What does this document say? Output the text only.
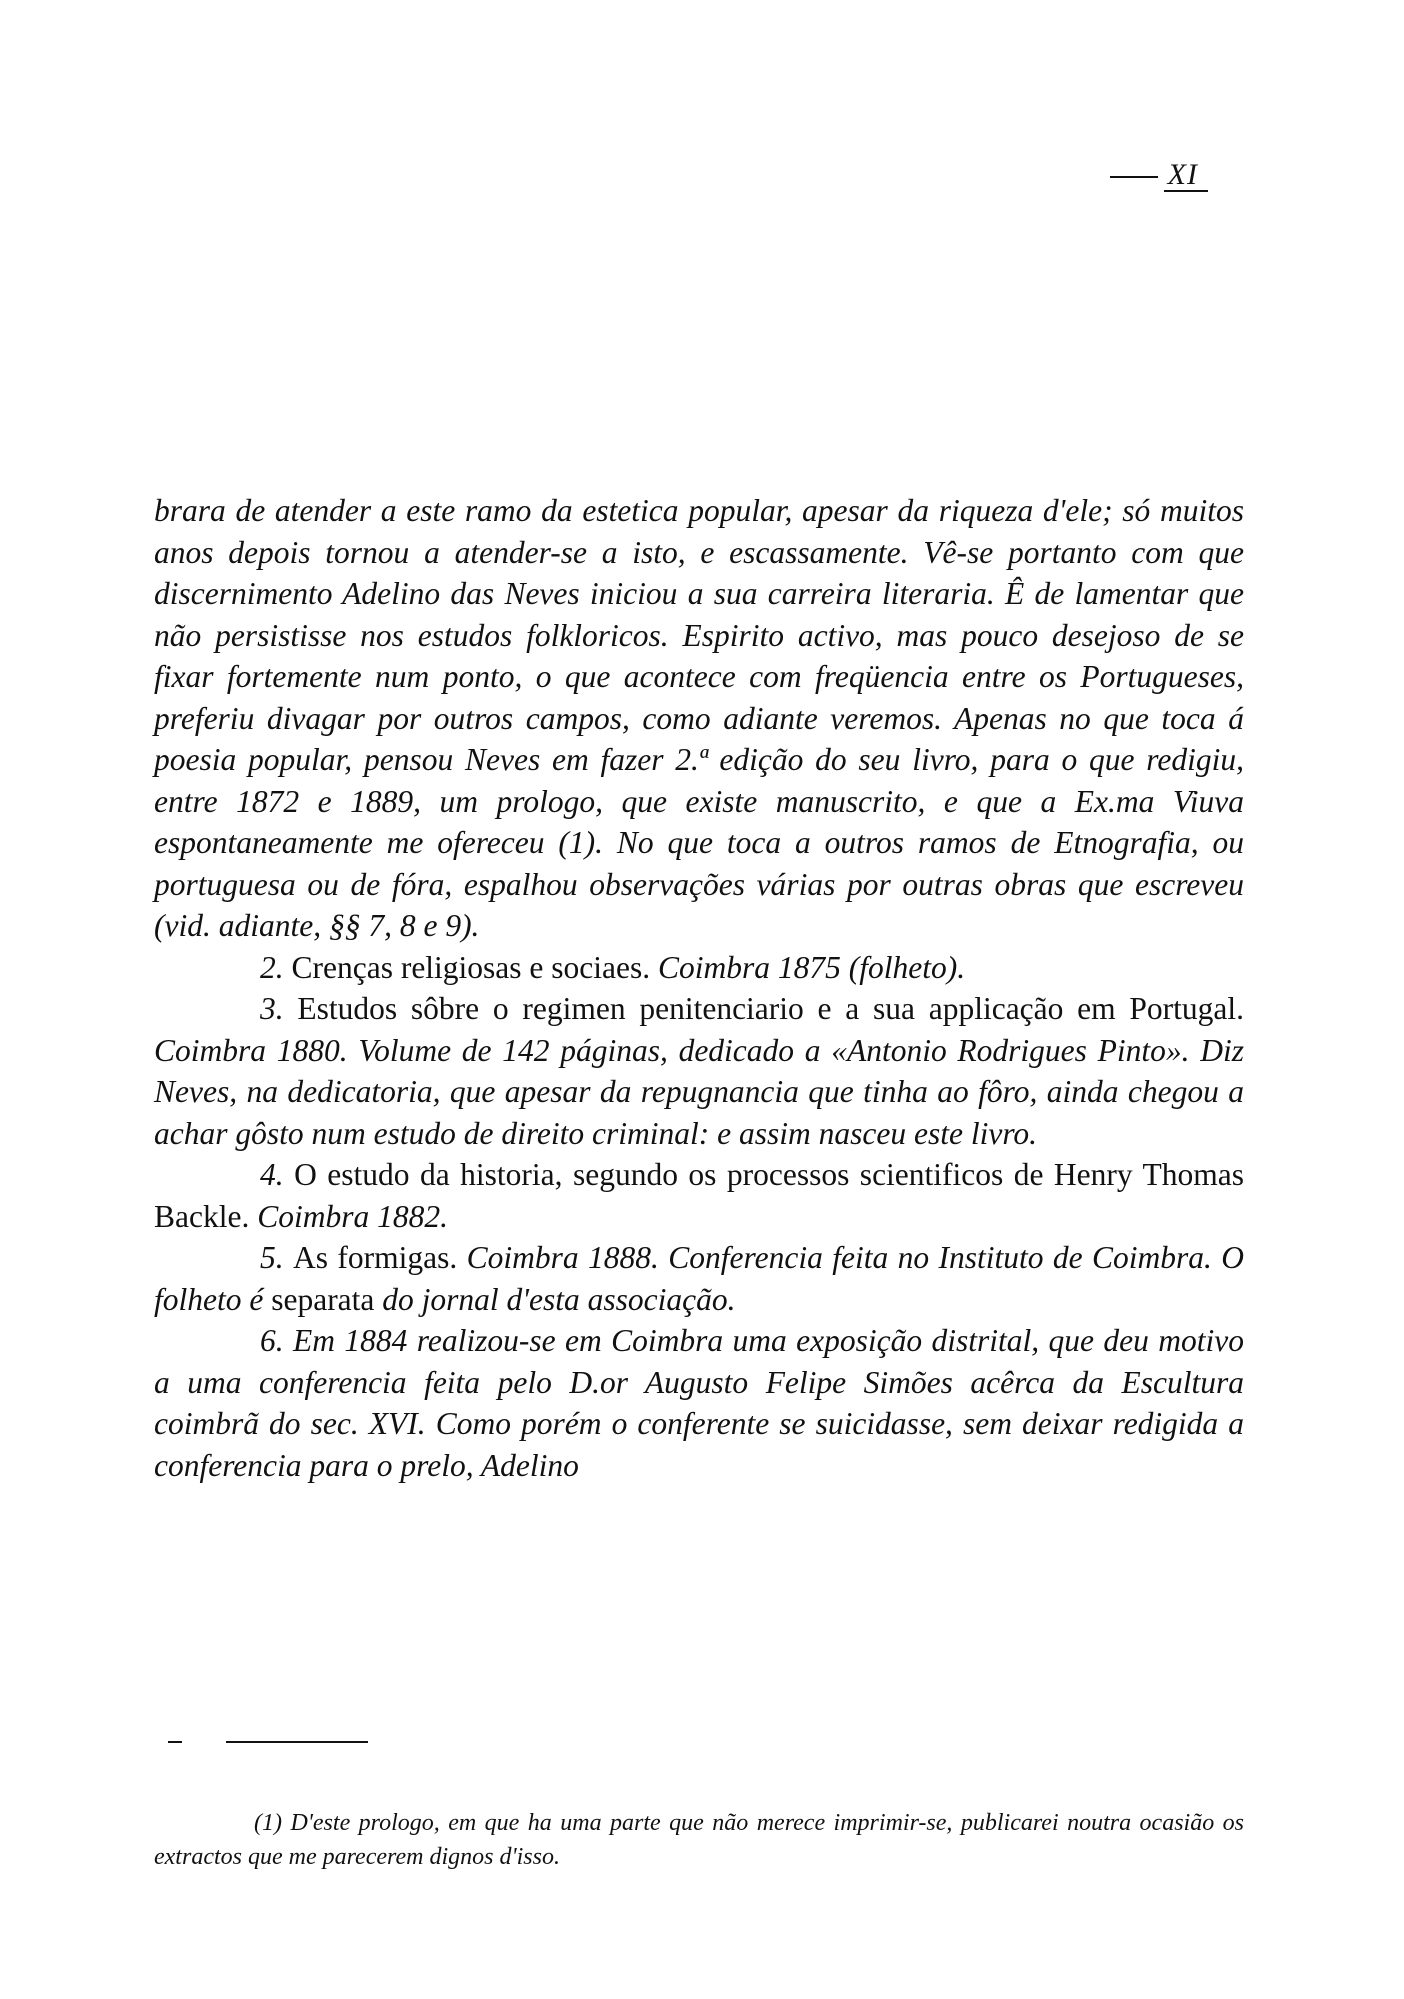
XI

brara de atender a este ramo da estetica popular, apesar da riqueza d'ele; só muitos anos depois tornou a atender-se a isto, e escassamente. Vê-se portanto com que discernimento Adelino das Neves iniciou a sua carreira literaria. Ê de lamentar que não persistisse nos estudos folkloricos. Espirito activo, mas pouco desejoso de se fixar fortemente num ponto, o que acontece com freqüencia entre os Portugueses, preferiu divagar por outros campos, como adiante veremos. Apenas no que toca á poesia popular, pensou Neves em fazer 2.ª edição do seu livro, para o que redigiu, entre 1872 e 1889, um prologo, que existe manuscrito, e que a Ex.ma Viuva espontaneamente me ofereceu (1). No que toca a outros ramos de Etnografia, ou portuguesa ou de fóra, espalhou observações várias por outras obras que escreveu (vid. adiante, §§ 7, 8 e 9).

2. Crenças religiosas e sociaes. Coimbra 1875 (folheto).

3. Estudos sôbre o regimen penitenciario e a sua applicação em Portugal. Coimbra 1880. Volume de 142 páginas, dedicado a «Antonio Rodrigues Pinto». Diz Neves, na dedicatoria, que apesar da repugnancia que tinha ao fôro, ainda chegou a achar gôsto num estudo de direito criminal: e assim nasceu este livro.

4. O estudo da historia, segundo os processos scientificos de Henry Thomas Backle. Coimbra 1882.

5. As formigas. Coimbra 1888. Conferencia feita no Instituto de Coimbra. O folheto é separata do jornal d'esta associação.

6. Em 1884 realizou-se em Coimbra uma exposição distrital, que deu motivo a uma conferencia feita pelo D.or Augusto Felipe Simões acêrca da Escultura coimbrã do sec. XVI. Como porém o conferente se suicidasse, sem deixar redigida a conferencia para o prelo, Adelino

(1) D'este prologo, em que ha uma parte que não merece imprimir-se, publicarei noutra ocasião os extractos que me parecerem dignos d'isso.
